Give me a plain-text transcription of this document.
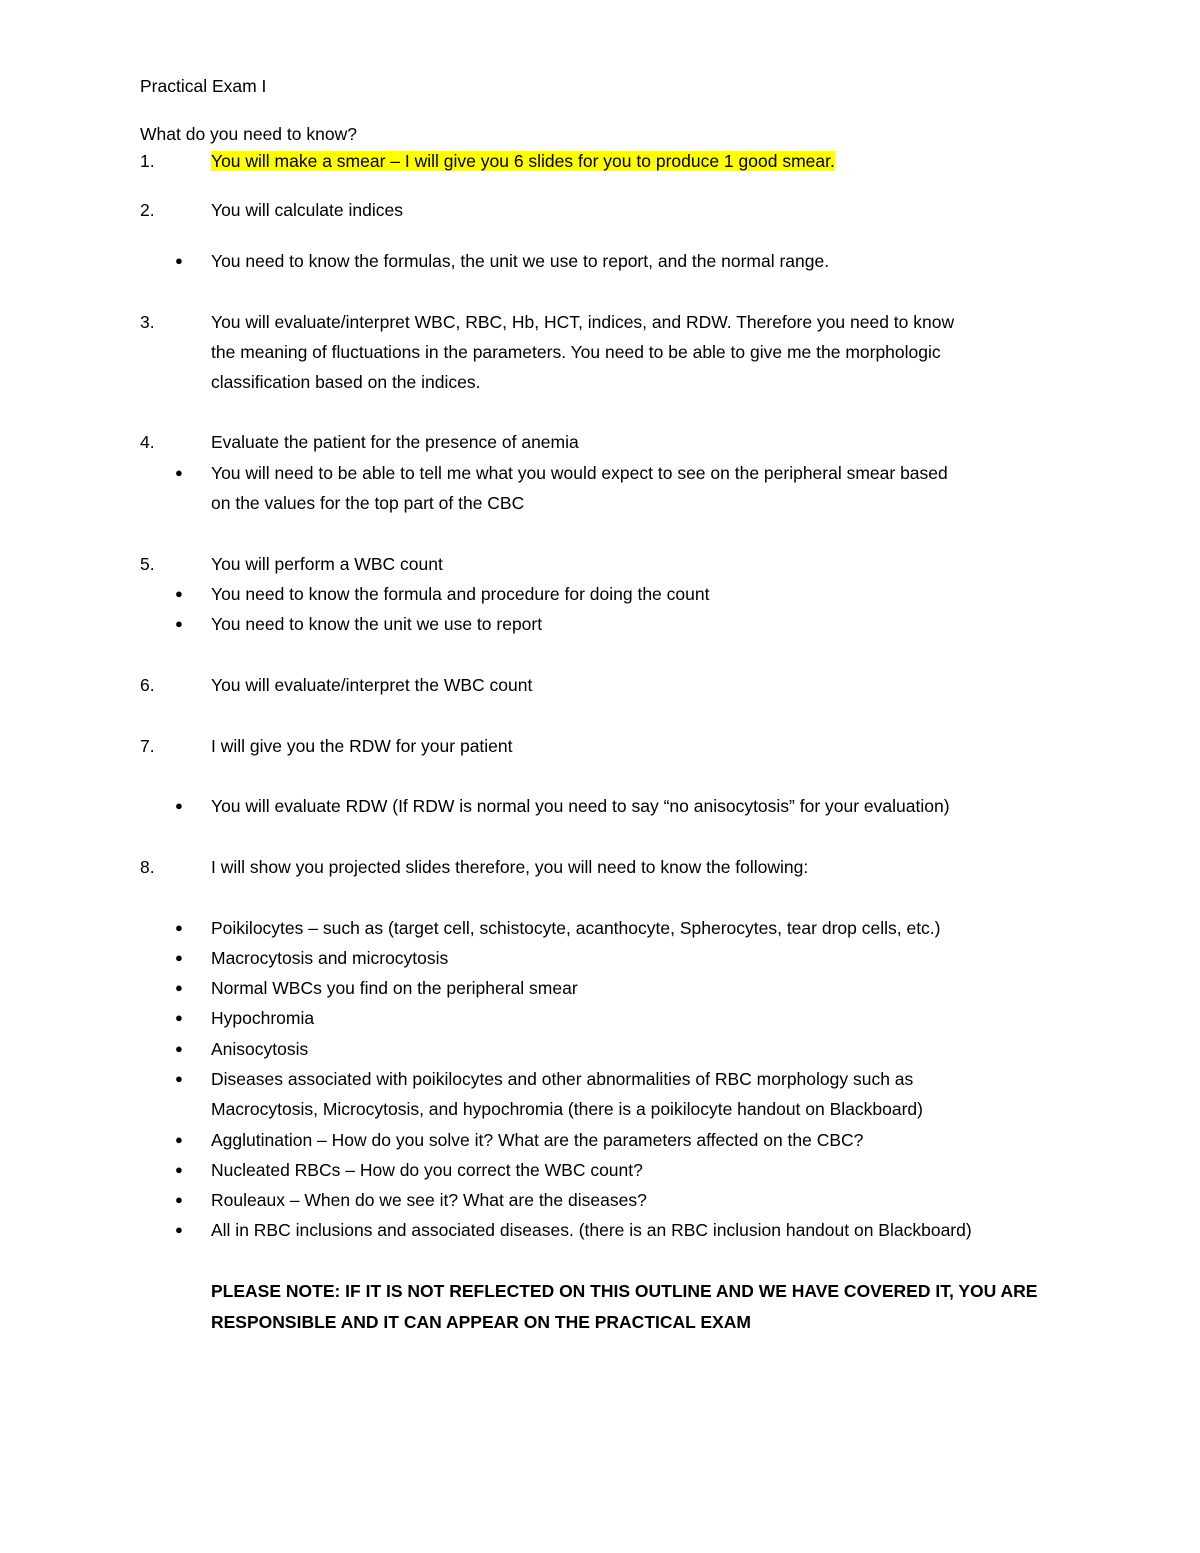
Practical Exam I
What do you need to know?
1.	You will make a smear – I will give you 6 slides for you to produce 1 good smear.
2.	You will calculate indices
● You need to know the formulas, the unit we use to report, and the normal range.
3.	You will evaluate/interpret WBC, RBC, Hb, HCT, indices, and RDW. Therefore you need to know
the meaning of fluctuations in the parameters. You need to be able to give me the morphologic
classification based on the indices.
4.	Evaluate the patient for the presence of anemia
● You will need to be able to tell me what you would expect to see on the peripheral smear based
on the values for the top part of the CBC
5.	You will perform a WBC count
● You need to know the formula and procedure for doing the count
● You need to know the unit we use to report
6.	You will evaluate/interpret the WBC count
7.	I will give you the RDW for your patient
● You will evaluate RDW (If RDW is normal you need to say “no anisocytosis” for your evaluation)
8.	I will show you projected slides therefore, you will need to know the following:
● Poikilocytes – such as (target cell, schistocyte, acanthocyte, Spherocytes, tear drop cells, etc.)
● Macrocytosis and microcytosis
● Normal WBCs you find on the peripheral smear
● Hypochromia
● Anisocytosis
● Diseases associated with poikilocytes and other abnormalities of RBC morphology such as
Macrocytosis, Microcytosis, and hypochromia (there is a poikilocyte handout on Blackboard)
● Agglutination – How do you solve it? What are the parameters affected on the CBC?
● Nucleated RBCs – How do you correct the WBC count?
● Rouleaux – When do we see it? What are the diseases?
● All in RBC inclusions and associated diseases. (there is an RBC inclusion handout on Blackboard)
PLEASE NOTE: IF IT IS NOT REFLECTED ON THIS OUTLINE AND WE HAVE COVERED IT, YOU ARE
RESPONSIBLE AND IT CAN APPEAR ON THE PRACTICAL EXAM
